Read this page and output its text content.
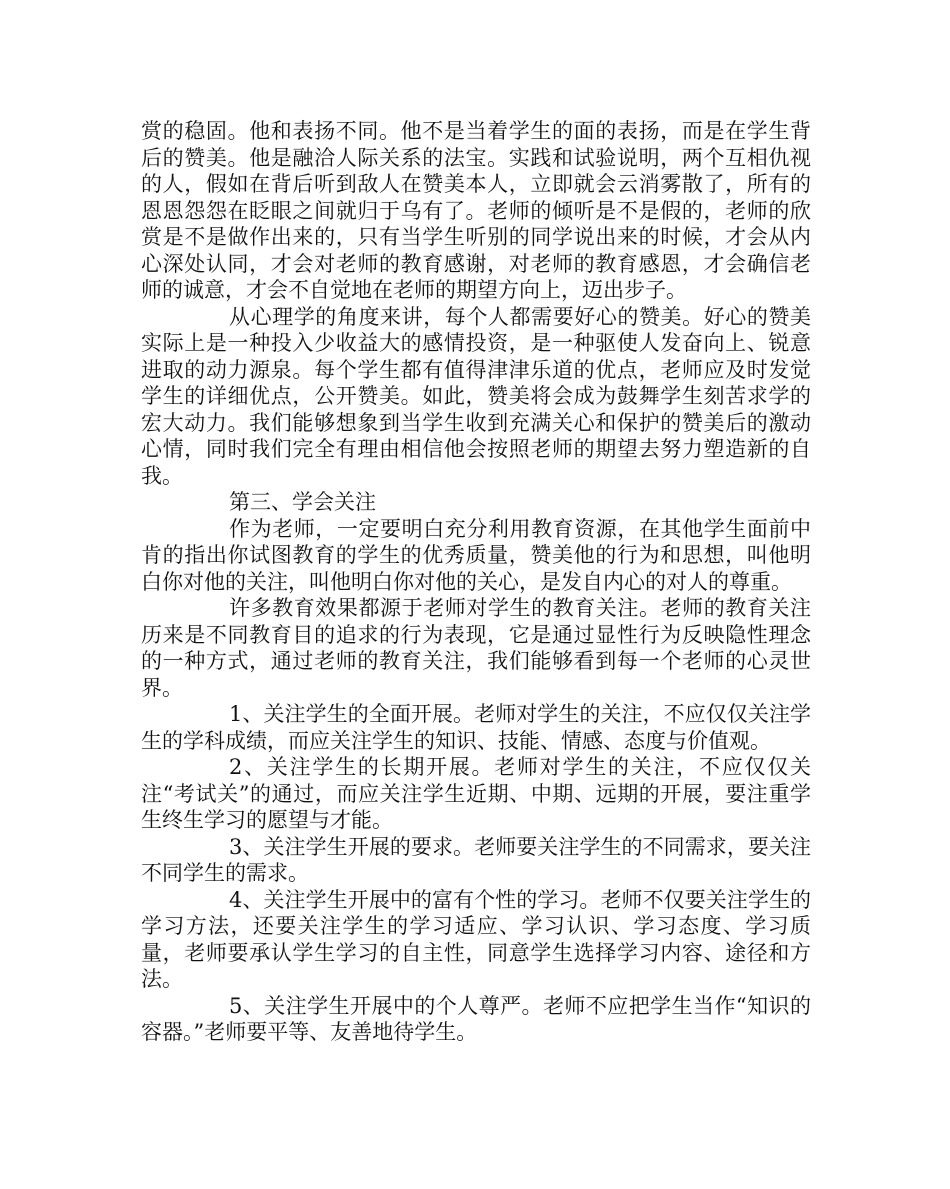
赏的稳固。他和表扬不同。他不是当着学生的面的表扬，而是在学生背后的赞美。他是融洽人际关系的法宝。实践和试验说明，两个互相仇视的人，假如在背后听到敌人在赞美本人，立即就会云消雾散了，所有的恩恩怨怨在眨眼之间就归于乌有了。老师的倾听是不是假的，老师的欣赏是不是做作出来的，只有当学生听别的同学说出来的时候，才会从内心深处认同，才会对老师的教育感谢，对老师的教育感恩，才会确信老师的诚意，才会不自觉地在老师的期望方向上，迈出步子。

从心理学的角度来讲，每个人都需要好心的赞美。好心的赞美实际上是一种投入少收益大的感情投资，是一种驱使人发奋向上、锐意进取的动力源泉。每个学生都有值得津津乐道的优点，老师应及时发觉学生的详细优点，公开赞美。如此，赞美将会成为鼓舞学生刻苦求学的宏大动力。我们能够想象到当学生收到充满关心和保护的赞美后的激动心情，同时我们完全有理由相信他会按照老师的期望去努力塑造新的自我。

第三、学会关注

作为老师，一定要明白充分利用教育资源，在其他学生面前中肯的指出你试图教育的学生的优秀质量，赞美他的行为和思想，叫他明白你对他的关注，叫他明白你对他的关心，是发自内心的对人的尊重。

许多教育效果都源于老师对学生的教育关注。老师的教育关注历来是不同教育目的追求的行为表现，它是通过显性行为反映隐性理念的一种方式，通过老师的教育关注，我们能够看到每一个老师的心灵世界。

1、关注学生的全面开展。老师对学生的关注，不应仅仅关注学生的学科成绩，而应关注学生的知识、技能、情感、态度与价值观。

2、关注学生的长期开展。老师对学生的关注，不应仅仅关注“考试关”的通过，而应关注学生近期、中期、远期的开展，要注重学生终生学习的愿望与才能。

3、关注学生开展的要求。老师要关注学生的不同需求，要关注不同学生的需求。

4、关注学生开展中的富有个性的学习。老师不仅要关注学生的学习方法，还要关注学生的学习适应、学习认识、学习态度、学习质量，老师要承认学生学习的自主性，同意学生选择学习内容、途径和方法。

5、关注学生开展中的个人尊严。老师不应把学生当作“知识的容器。”老师要平等、友善地待学生。
